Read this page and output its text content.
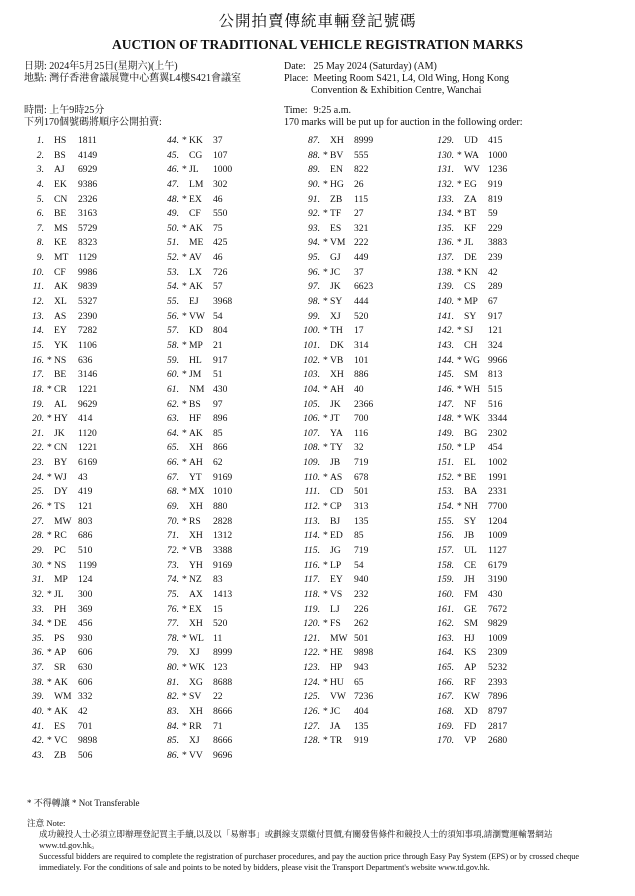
公開拍賣傳統車輛登記號碼
AUCTION OF TRADITIONAL VEHICLE REGISTRATION MARKS
日期: 2024年5月25日(星期六)(上午)
地點: 灣仔香港會議展覽中心舊翼L4樓S421會議室
時間: 上午9時25分
下列170個號碼將順序公開拍賣:
Date: 25 May 2024 (Saturday) (AM)
Place: Meeting Room S421, L4, Old Wing, Hong Kong
Convention & Exhibition Centre, Wanchai
Time: 9:25 a.m.
170 marks will be put up for auction in the following order:
1. HS 1811
2. BS 4149
3. AJ 6929
4. EK 9386
5. CN 2326
6. BE 3163
7. MS 5729
8. KE 8323
9. MT 1129
10. CF 9986
11. AK 9839
12. XL 5327
13. AS 2390
14. EY 7282
15. YK 1106
16. * NS 636
17. BE 3146
18. * CR 1221
19. AL 9629
20. * HY 414
21. JK 1120
22. * CN 1221
23. BY 6169
24. * WJ 43
25. DY 419
26. * TS 121
27. MW 803
28. * RC 686
29. PC 510
30. * NS 1199
31. MP 124
32. * JL 300
33. PH 369
34. * DE 456
35. PS 930
36. * AP 606
37. SR 630
38. * AK 606
39. WM 332
40. * AK 42
41. ES 701
42. * VC 9898
43. ZB 506
44. * KK 37
45. CG 107
46. * JL 1000
47. LM 302
48. * EX 46
49. CF 550
50. * AK 75
51. ME 425
52. * AV 46
53. LX 726
54. * AK 57
55. EJ 3968
56. * VW 54
57. KD 804
58. * MP 21
59. HL 917
60. * JM 51
61. NM 430
62. * BS 97
63. HF 896
64. * AK 85
65. XH 866
66. * AH 62
67. YT 9169
68. * MX 1010
69. XH 880
70. * RS 2828
71. XH 1312
72. * VB 3388
73. YH 9169
74. * NZ 83
75. AX 1413
76. * EX 15
77. XH 520
78. * WL 11
79. XJ 8999
80. * WK 123
81. XG 8688
82. * SV 22
83. XH 8666
84. * RR 71
85. XJ 8666
86. * VV 9696
87. XH 8999
88. * BV 555
89. EN 822
90. * HG 26
91. ZB 115
92. * TF 27
93. ES 321
94. * VM 222
95. GJ 449
96. * JC 37
97. JK 6623
98. * SY 444
99. XJ 520
100. * TH 17
101. DK 314
102. * VB 101
103. XH 886
104. * AH 40
105. JK 2366
106. * JT 700
107. YA 116
108. * TY 32
109. JB 719
110. * AS 678
111. CD 501
112. * CP 313
113. BJ 135
114. * ED 85
115. JG 719
116. * LP 54
117. EY 940
118. * VS 232
119. LJ 226
120. * FS 262
121. MW 501
122. * HE 9898
123. HP 943
124. * HU 65
125. VW 7236
126. * JC 404
127. JA 135
128. * TR 919
129. UD 415
130. * WA 1000
131. WV 1236
132. * EG 919
133. ZA 819
134. * BT 59
135. KF 229
136. * JL 3883
137. DE 239
138. * KN 42
139. CS 289
140. * MP 67
141. SY 917
142. * SJ 121
143. CH 324
144. * WG 9966
145. SM 813
146. * WH 515
147. NF 516
148. * WK 3344
149. BG 2302
150. * LP 454
151. EL 1002
152. * BE 1991
153. BA 2331
154. * NH 7700
155. SY 1204
156. JB 1009
157. UL 1127
158. CE 6179
159. JH 3190
160. FM 430
161. GE 7672
162. SM 9829
163. HJ 1009
164. KS 2309
165. AP 5232
166. RF 2393
167. KW 7896
168. XD 8797
169. FD 2817
170. VP 2680
* 不得轉讓 * Not Transferable
注意 Note:
成功競投人士必須立即辦理登記買主手續,以及以「易辦事」或劃線支票繳付買價,有關發售條件和競投人士的須知事項,請瀏覽運輸署網站
www.td.gov.hk。
Successful bidders are required to complete the registration of purchaser procedures, and pay the auction price through Easy Pay System (EPS) or by crossed cheque
immediately. For the conditions of sale and points to be noted by bidders, please visit the Transport Department's website www.td.gov.hk.
